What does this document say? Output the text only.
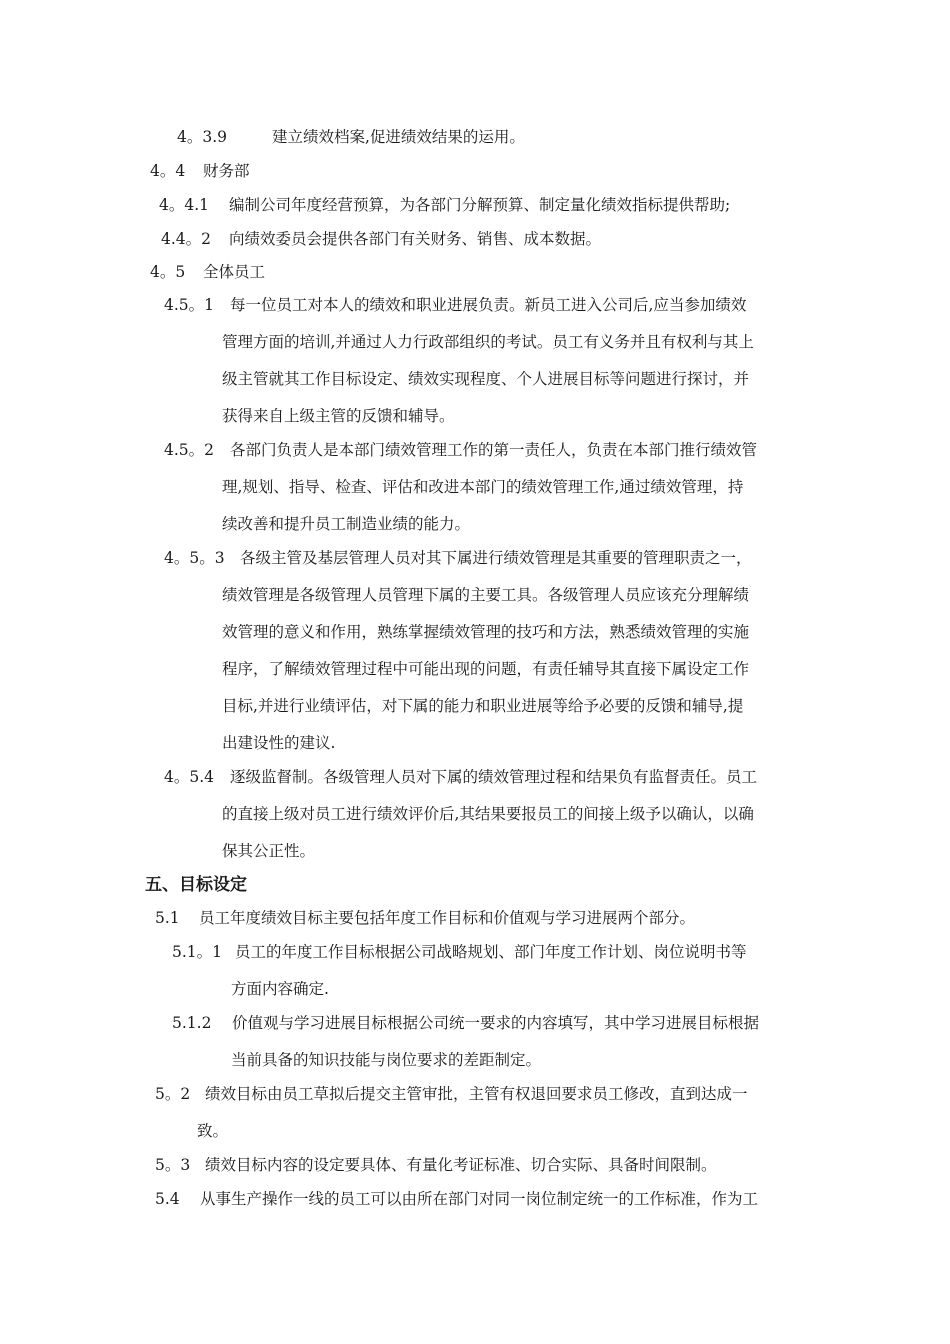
4。3.9	建立绩效档案,促进绩效结果的运用。
4。4 财务部
4。4.1 编制公司年度经营预算，为各部门分解预算、制定量化绩效指标提供帮助;
4.4。2 向绩效委员会提供各部门有关财务、销售、成本数据。
4。5 全体员工
4.5。1 每一位员工对本人的绩效和职业进展负责。新员工进入公司后,应当参加绩效
管理方面的培训,并通过人力行政部组织的考试。员工有义务并且有权利与其上
级主管就其工作目标设定、绩效实现程度、个人进展目标等问题进行探讨，并
获得来自上级主管的反馈和辅导。
4.5。2 各部门负责人是本部门绩效管理工作的第一责任人，负责在本部门推行绩效管
理,规划、指导、检查、评估和改进本部门的绩效管理工作,通过绩效管理，持
续改善和提升员工制造业绩的能力。
4。5。3 各级主管及基层管理人员对其下属进行绩效管理是其重要的管理职责之一，
绩效管理是各级管理人员管理下属的主要工具。各级管理人员应该充分理解绩
效管理的意义和作用，熟练掌握绩效管理的技巧和方法，熟悉绩效管理的实施
程序，了解绩效管理过程中可能出现的问题，有责任辅导其直接下属设定工作
目标,并进行业绩评估，对下属的能力和职业进展等给予必要的反馈和辅导,提
出建设性的建议.
4。5.4 逐级监督制。各级管理人员对下属的绩效管理过程和结果负有监督责任。员工
的直接上级对员工进行绩效评价后,其结果要报员工的间接上级予以确认，以确
保其公正性。
五、目标设定
5.1 员工年度绩效目标主要包括年度工作目标和价值观与学习进展两个部分。
5.1。1 员工的年度工作目标根据公司战略规划、部门年度工作计划、岗位说明书等
方面内容确定.
5.1.2 价值观与学习进展目标根据公司统一要求的内容填写，其中学习进展目标根据
当前具备的知识技能与岗位要求的差距制定。
5。2 绩效目标由员工草拟后提交主管审批，主管有权退回要求员工修改，直到达成一
致。
5。3 绩效目标内容的设定要具体、有量化考证标准、切合实际、具备时间限制。
5.4 从事生产操作一线的员工可以由所在部门对同一岗位制定统一的工作标准，作为工
